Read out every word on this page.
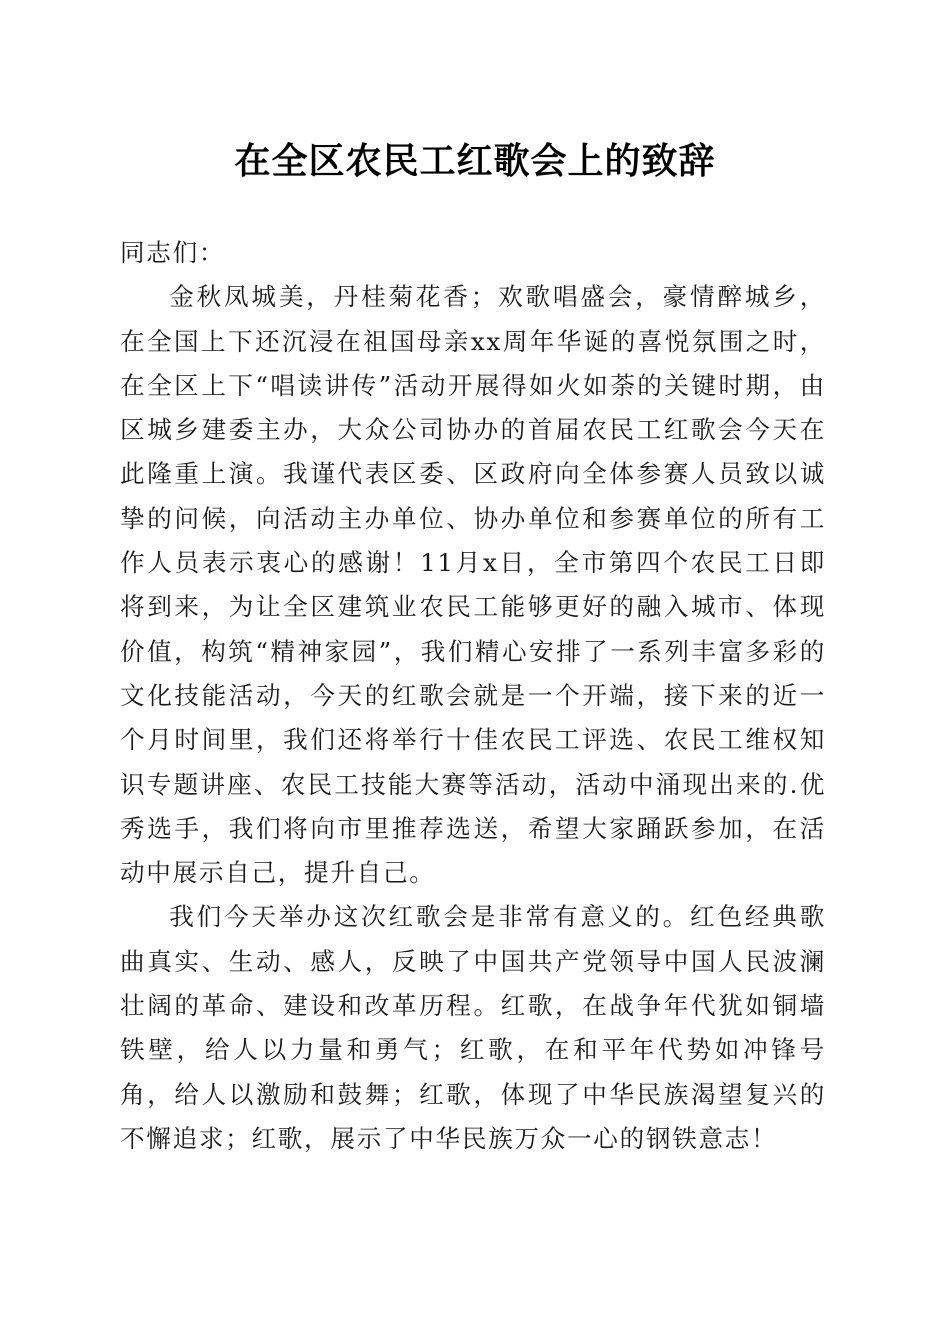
在全区农民工红歌会上的致辞

同志们：

金秋凤城美，丹桂菊花香；欢歌唱盛会，豪情醉城乡，在全国上下还沉浸在祖国母亲xx周年华诞的喜悦氛围之时，在全区上下“唱读讲传”活动开展得如火如荼的关键时期，由区城乡建委主办，大众公司协办的首届农民工红歌会今天在此隆重上演。我谨代表区委、区政府向全体参赛人员致以诚挚的问候，向活动主办单位、协办单位和参赛单位的所有工作人员表示衷心的感谢！11月x日，全市第四个农民工日即将到来，为让全区建筑业农民工能够更好的融入城市、体现价值，构筑“精神家园”，我们精心安排了一系列丰富多彩的文化技能活动，今天的红歌会就是一个开端，接下来的近一个月时间里，我们还将举行十佳农民工评选、农民工维权知识专题讲座、农民工技能大赛等活动，活动中涌现出来的.优秀选手，我们将向市里推荐选送，希望大家踊跃参加，在活动中展示自己，提升自己。

我们今天举办这次红歌会是非常有意义的。红色经典歌曲真实、生动、感人，反映了中国共产党领导中国人民波澜壮阔的革命、建设和改革历程。红歌，在战争年代犹如铜墙铁壁，给人以力量和勇气；红歌，在和平年代势如冲锋号角，给人以激励和鼓舞；红歌，体现了中华民族渴望复兴的不懈追求；红歌，展示了中华民族万众一心的钢铁意志！
